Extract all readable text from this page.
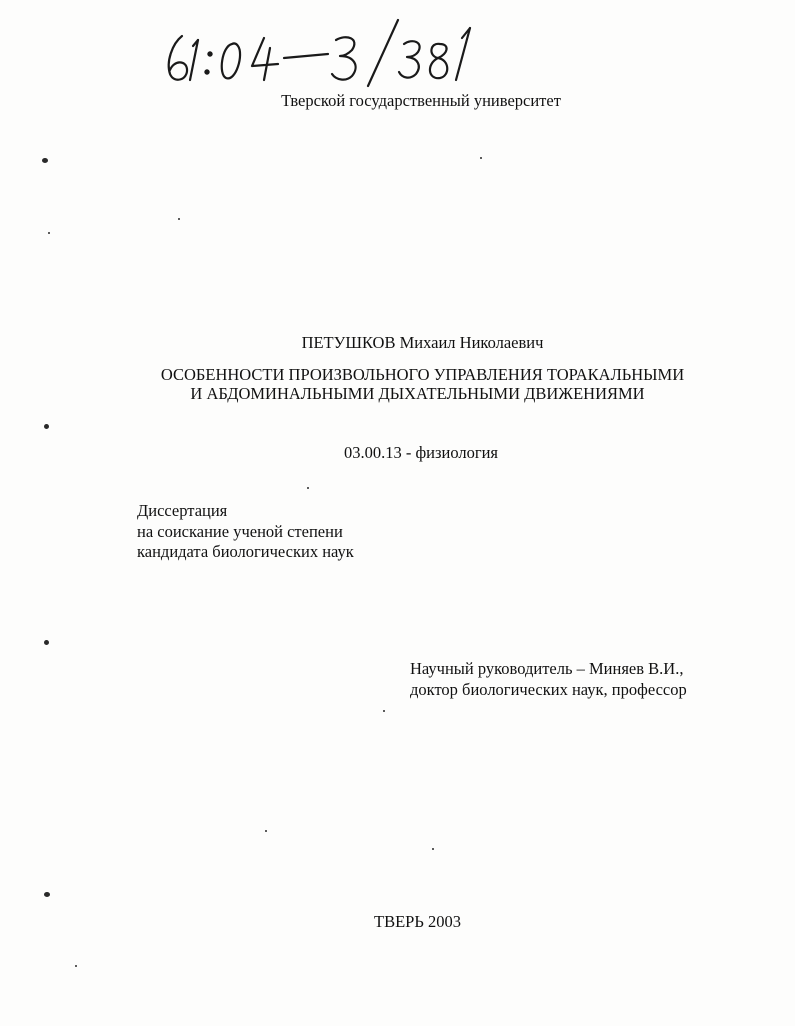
Тверской государственный университет
ПЕТУШКОВ Михаил Николаевич
ОСОБЕННОСТИ ПРОИЗВОЛЬНОГО УПРАВЛЕНИЯ ТОРАКАЛЬНЫМИ
И АБДОМИНАЛЬНЫМИ ДЫХАТЕЛЬНЫМИ ДВИЖЕНИЯМИ
03.00.13 - физиология
Диссертация
на соискание ученой степени
кандидата биологических наук
Научный руководитель – Миняев В.И.,
доктор биологических наук, профессор
ТВЕРЬ 2003
